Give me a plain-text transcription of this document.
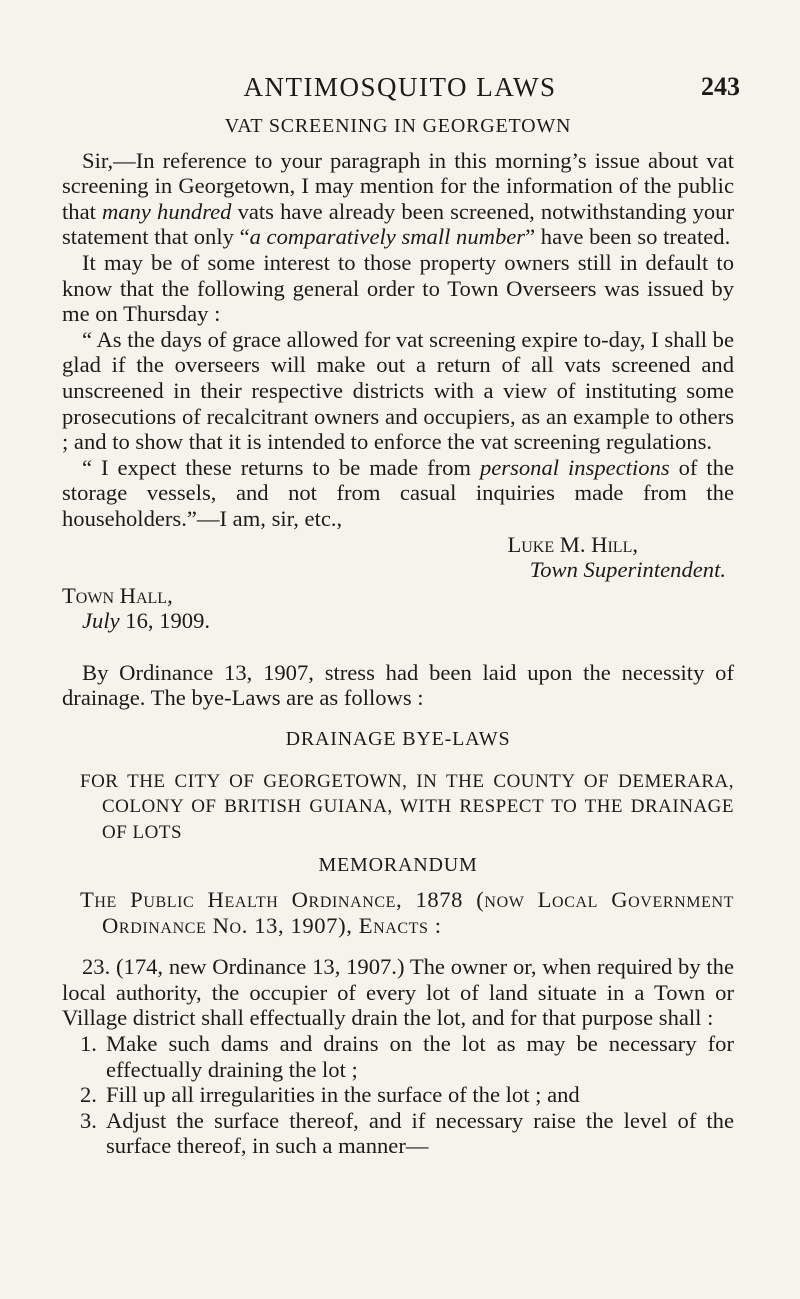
ANTIMOSQUITO LAWS	243

VAT SCREENING IN GEORGETOWN

Sir,—In reference to your paragraph in this morning’s issue about vat screening in Georgetown, I may mention for the information of the public that many hundred vats have already been screened, notwithstanding your statement that only “a comparatively small number” have been so treated.

It may be of some interest to those property owners still in default to know that the following general order to Town Overseers was issued by me on Thursday :

“ As the days of grace allowed for vat screening expire to-day, I shall be glad if the overseers will make out a return of all vats screened and unscreened in their respective districts with a view of instituting some prosecutions of recalcitrant owners and occupiers, as an example to others ; and to show that it is intended to enforce the vat screening regulations.

“ I expect these returns to be made from personal inspections of the storage vessels, and not from casual inquiries made from the householders.”—I am, sir, etc.,

Luke M. Hill,

Town Superintendent.

Town Hall,

July 16, 1909.

By Ordinance 13, 1907, stress had been laid upon the necessity of drainage. The bye-Laws are as follows :

DRAINAGE BYE-LAWS

FOR THE CITY OF GEORGETOWN, IN THE COUNTY OF DEMERARA, COLONY OF BRITISH GUIANA, WITH RESPECT TO THE DRAINAGE OF LOTS

MEMORANDUM

The Public Health Ordinance, 1878 (now Local Government Ordinance No. 13, 1907), Enacts :

23. (174, new Ordinance 13, 1907.) The owner or, when required by the local authority, the occupier of every lot of land situate in a Town or Village district shall effectually drain the lot, and for that purpose shall :

1. Make such dams and drains on the lot as may be necessary for effectually draining the lot ;
2. Fill up all irregularities in the surface of the lot ; and
3. Adjust the surface thereof, and if necessary raise the level of the surface thereof, in such a manner—
